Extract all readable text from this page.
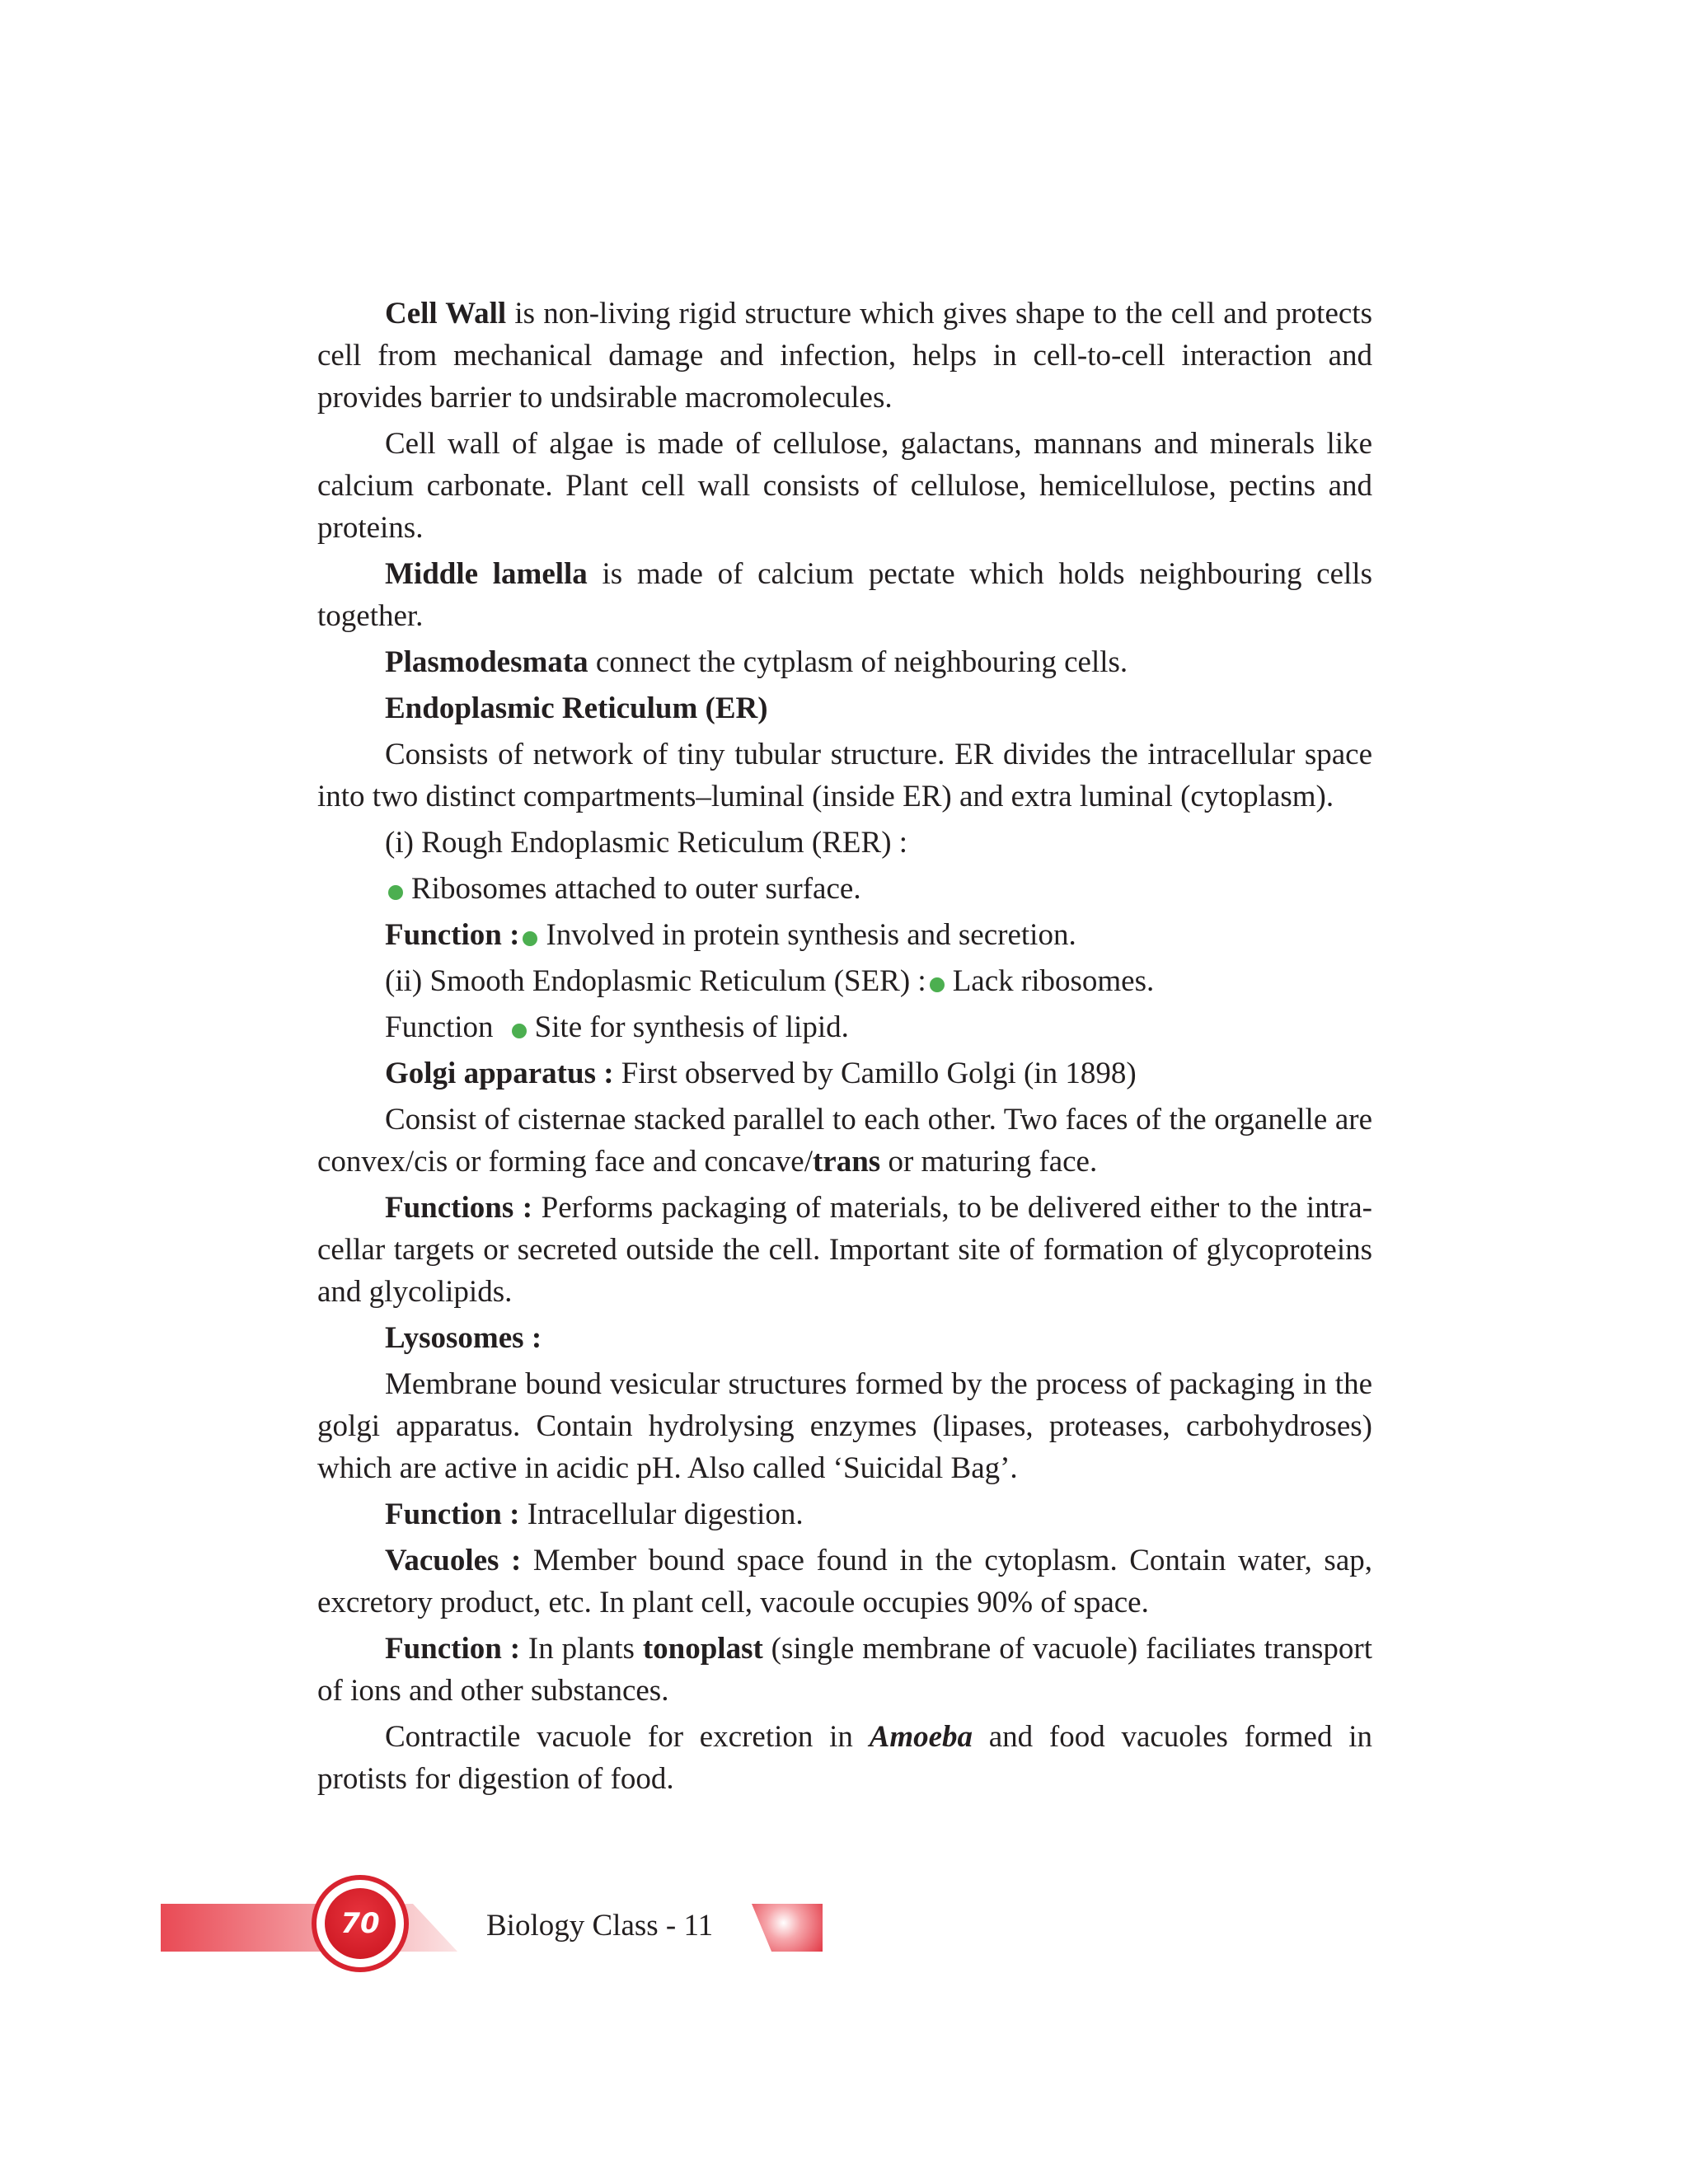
Cell Wall is non-living rigid structure which gives shape to the cell and protects cell from mechanical damage and infection, helps in cell-to-cell interaction and provides barrier to undsirable macromolecules.

Cell wall of algae is made of cellulose, galactans, mannans and minerals like calcium carbonate. Plant cell wall consists of cellulose, hemicellulose, pectins and proteins.

Middle lamella is made of calcium pectate which holds neighbouring cells together.

Plasmodesmata connect the cytplasm of neighbouring cells.

Endoplasmic Reticulum (ER)

Consists of network of tiny tubular structure. ER divides the intracellular space into two distinct compartments–luminal (inside ER) and extra luminal (cytoplasm).

(i) Rough Endoplasmic Reticulum (RER) :

Ribosomes attached to outer surface.

Function : Involved in protein synthesis and secretion.

(ii) Smooth Endoplasmic Reticulum (SER) : Lack ribosomes.

Function Site for synthesis of lipid.

Golgi apparatus : First observed by Camillo Golgi (in 1898)

Consist of cisternae stacked parallel to each other. Two faces of the organelle are convex/cis or forming face and concave/trans or maturing face.

Functions : Performs packaging of materials, to be delivered either to the intra-cellar targets or secreted outside the cell. Important site of formation of glycoproteins and glycolipids.

Lysosomes :

Membrane bound vesicular structures formed by the process of packaging in the golgi apparatus. Contain hydrolysing enzymes (lipases, proteases, carbohydroses) which are active in acidic pH. Also called ‘Suicidal Bag’.

Function : Intracellular digestion.

Vacuoles : Member bound space found in the cytoplasm. Contain water, sap, excretory product, etc. In plant cell, vacoule occupies 90% of space.

Function : In plants tonoplast (single membrane of vacuole) faciliates transport of ions and other substances.

Contractile vacuole for excretion in Amoeba and food vacuoles formed in protists for digestion of food.

70	Biology Class - 11
